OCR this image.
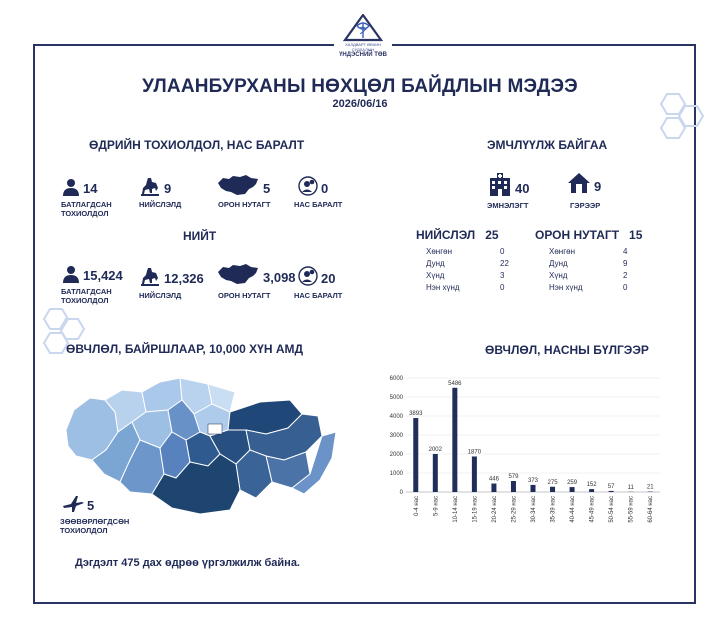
ХАЛДВАРТ ӨВЧИН СУДЛАЛЫН
ҮНДЭСНИЙ ТӨВ
УЛААНБУРХАНЫ НӨХЦӨЛ БАЙДЛЫН МЭДЭЭ
2026/06/16
ӨДРИЙН ТОХИОЛДОЛ, НАС БАРАЛТ
14
БАТЛАГДСАН
ТОХИОЛДОЛ
9
НИЙСЛЭЛД
5
ОРОН НУТАГТ
0
НАС БАРАЛТ
НИЙТ
15,424
БАТЛАГДСАН
ТОХИОЛДОЛ
12,326
НИЙСЛЭЛД
3,098
ОРОН НУТАГТ
20
НАС БАРАЛТ
ЭМЧЛҮҮЛЖ БАЙГАА
40
ЭМНЭЛЭГТ
9
ГЭРЭЭР
НИЙСЛЭЛ 25
Хөнгөн	0
Дунд	22
Хүнд	3
Нэн хүнд	0
ОРОН НУТАГТ 15
Хөнгөн	4
Дунд	9
Хүнд	2
Нэн хүнд	0
ӨВЧЛӨЛ, БАЙРШЛААР, 10,000 ХҮН АМД
5
ЗӨӨВӨРЛӨГДСӨН
ТОХИОЛДОЛ
Дэгдэлт 475 дах өдрөө үргэлжилж байна.
ӨВЧЛӨЛ, НАСНЫ БҮЛГЭЭР
0
1000
2000
3000
4000
5000
6000
3893
0-4 нас
2002
5-9 нас
5486
10-14 нас
1870
15-19 нас
446
20-24 нас
579
25-29 нас
373
30-34 нас
275
35-39 нас
259
40-44 нас
152
45-49 нас
57
50-54 нас
11
55-59 нас
21
60-64 нас
